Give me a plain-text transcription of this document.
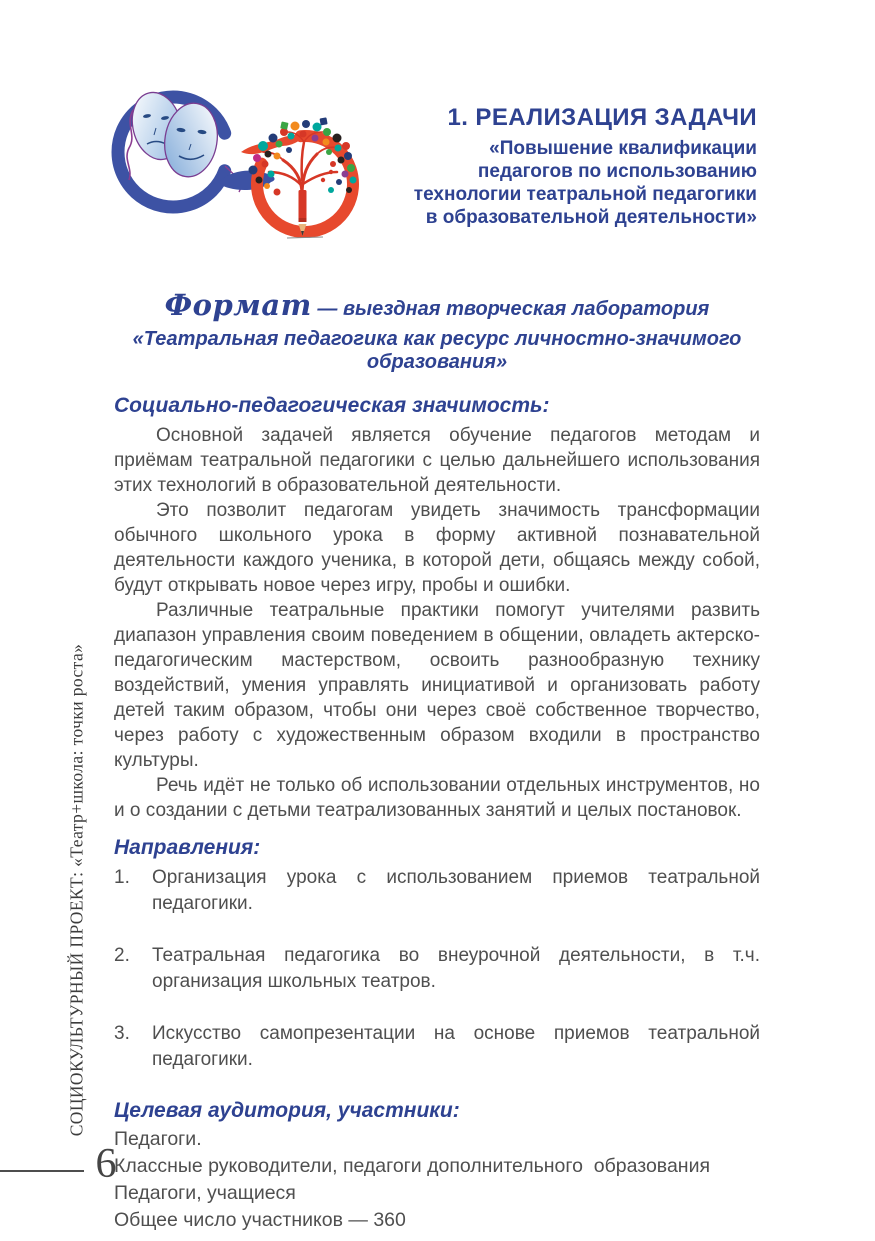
1. РЕАЛИЗАЦИЯ ЗАДАЧИ
«Повышение квалификации
педагогов по использованию
технологии театральной педагогики
в образовательной деятельности»
Формат — выездная творческая лаборатория
«Театральная педагогика как ресурс личностно-значимого образования»
Социально-педагогическая значимость:

Основной задачей является обучение педагогов методам и приёмам театральной педагогики с целью дальнейшего использования этих технологий в образовательной деятельности.

Это позволит педагогам увидеть значимость трансформации обычного школьного урока в форму активной познавательной деятельности каждого ученика, в которой дети, общаясь между собой, будут открывать новое через игру, пробы и ошибки.

Различные театральные практики помогут учителями развить диапазон управления своим поведением в общении, овладеть актерско-педагогическим мастерством, освоить разнообразную технику воздействий, умения управлять инициативой и организовать работу детей таким образом, чтобы они через своё собственное творчество, через работу с художественным образом входили в пространство культуры.

Речь идёт не только об использовании отдельных инструментов, но и о создании с детьми театрализованных занятий и целых постановок.

Направления:
1.	Организация урока с использованием приемов театральной педагогики.
2.	Театральная педагогика во внеурочной деятельности, в т.ч. организация школьных театров.
3.	Искусство самопрезентации на основе приемов театральной педагогики.
Целевая аудитория, участники:
Педагоги.
Классные руководители, педагоги дополнительного  образования
Педагоги, учащиеся
Общее число участников — 360
СОЦИОКУЛЬТУРНЫЙ ПРОЕКТ: «Театр+школа: точки роста»
6
